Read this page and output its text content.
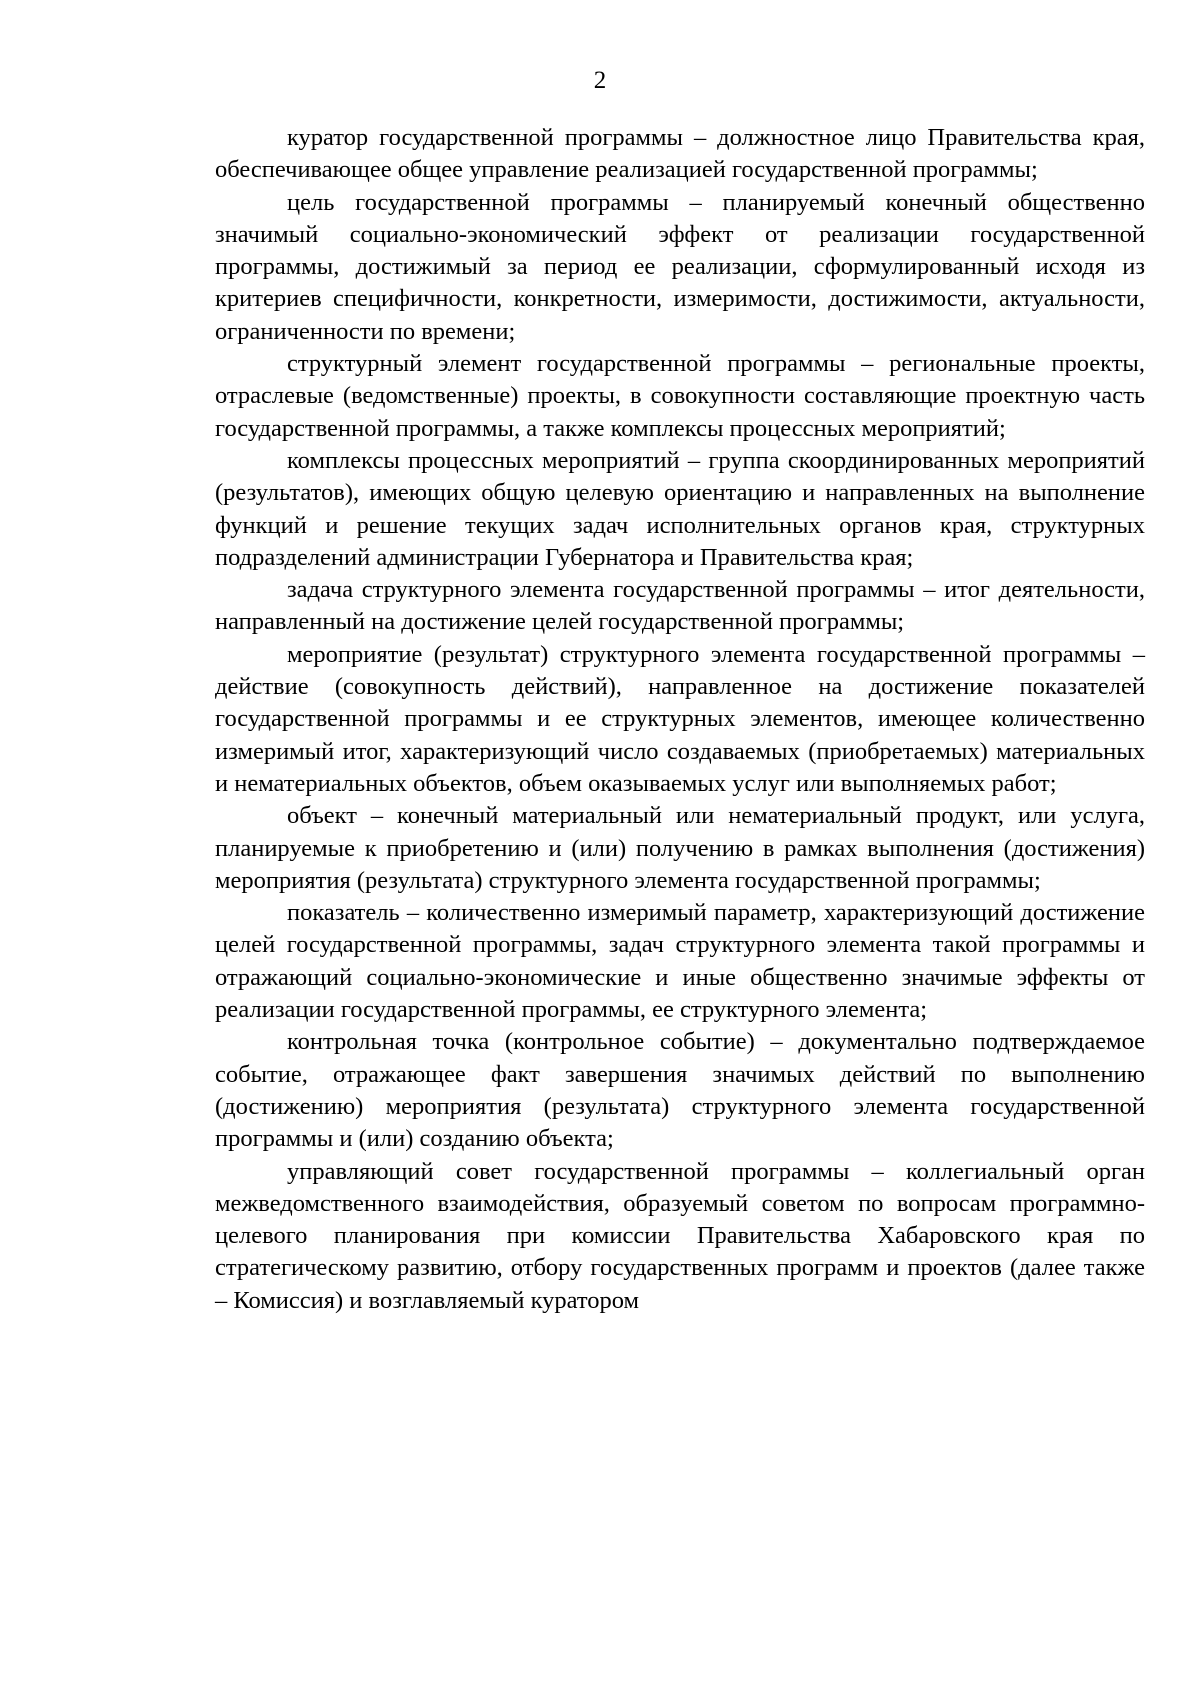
2

куратор государственной программы – должностное лицо Правительства края, обеспечивающее общее управление реализацией государственной программы;

цель государственной программы – планируемый конечный общественно значимый социально-экономический эффект от реализации государственной программы, достижимый за период ее реализации, сформулированный исходя из критериев специфичности, конкретности, измеримости, достижимости, актуальности, ограниченности по времени;

структурный элемент государственной программы – региональные проекты, отраслевые (ведомственные) проекты, в совокупности составляющие проектную часть государственной программы, а также комплексы процессных мероприятий;

комплексы процессных мероприятий – группа скоординированных мероприятий (результатов), имеющих общую целевую ориентацию и направленных на выполнение функций и решение текущих задач исполнительных органов края, структурных подразделений администрации Губернатора и Правительства края;

задача структурного элемента государственной программы – итог деятельности, направленный на достижение целей государственной программы;

мероприятие (результат) структурного элемента государственной программы – действие (совокупность действий), направленное на достижение показателей государственной программы и ее структурных элементов, имеющее количественно измеримый итог, характеризующий число создаваемых (приобретаемых) материальных и нематериальных объектов, объем оказываемых услуг или выполняемых работ;

объект – конечный материальный или нематериальный продукт, или услуга, планируемые к приобретению и (или) получению в рамках выполнения (достижения) мероприятия (результата) структурного элемента государственной программы;

показатель – количественно измеримый параметр, характеризующий достижение целей государственной программы, задач структурного элемента такой программы и отражающий социально-экономические и иные общественно значимые эффекты от реализации государственной программы, ее структурного элемента;

контрольная точка (контрольное событие) – документально подтверждаемое событие, отражающее факт завершения значимых действий по выполнению (достижению) мероприятия (результата) структурного элемента государственной программы и (или) созданию объекта;

управляющий совет государственной программы – коллегиальный орган межведомственного взаимодействия, образуемый советом по вопросам программно-целевого планирования при комиссии Правительства Хабаровского края по стратегическому развитию, отбору государственных программ и проектов (далее также – Комиссия) и возглавляемый куратором
